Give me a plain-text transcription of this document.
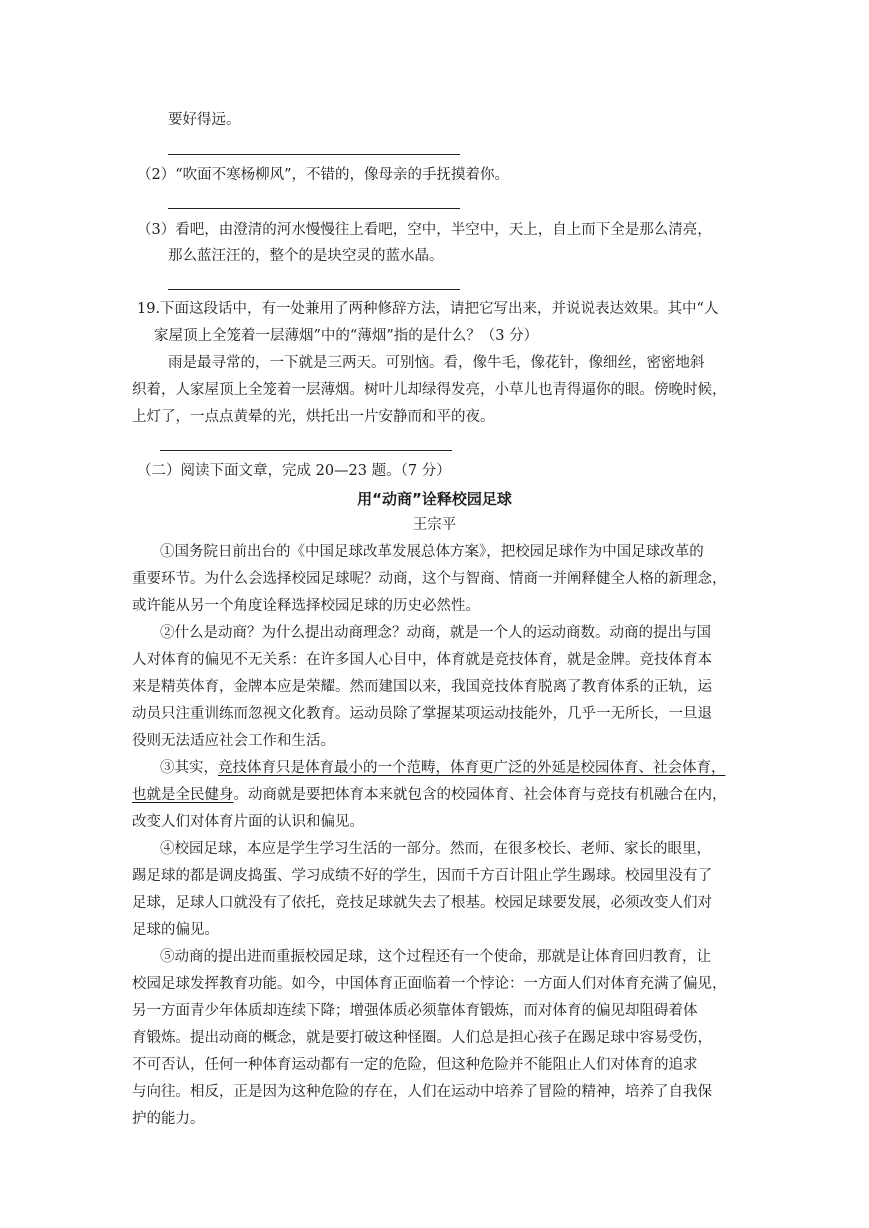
要好得远。
（2）“吹面不寒杨柳风”，不错的，像母亲的手抚摸着你。
（3）看吧，由澄清的河水慢慢往上看吧，空中，半空中，天上，自上而下全是那么清亮，
那么蓝汪汪的，整个的是块空灵的蓝水晶。
19.下面这段话中，有一处兼用了两种修辞方法，请把它写出来，并说说表达效果。其中“人
家屋顶上全笼着一层薄烟”中的“薄烟”指的是什么？（3 分）
雨是最寻常的，一下就是三两天。可别恼。看，像牛毛，像花针，像细丝，密密地斜
织着，人家屋顶上全笼着一层薄烟。树叶儿却绿得发亮，小草儿也青得逼你的眼。傍晚时候，
上灯了，一点点黄晕的光，烘托出一片安静而和平的夜。
（二）阅读下面文章，完成 20—23 题。（7 分）
用“动商”诠释校园足球
王宗平
①国务院日前出台的《中国足球改革发展总体方案》，把校园足球作为中国足球改革的
重要环节。为什么会选择校园足球呢？动商，这个与智商、情商一并阐释健全人格的新理念，
或许能从另一个角度诠释选择校园足球的历史必然性。
②什么是动商？为什么提出动商理念？动商，就是一个人的运动商数。动商的提出与国
人对体育的偏见不无关系：在许多国人心目中，体育就是竞技体育，就是金牌。竞技体育本
来是精英体育，金牌本应是荣耀。然而建国以来，我国竞技体育脱离了教育体系的正轨，运
动员只注重训练而忽视文化教育。运动员除了掌握某项运动技能外，几乎一无所长，一旦退
役则无法适应社会工作和生活。
③其实，竞技体育只是体育最小的一个范畴，体育更广泛的外延是校园体育、社会体育，
也就是全民健身。动商就是要把体育本来就包含的校园体育、社会体育与竞技有机融合在内，
改变人们对体育片面的认识和偏见。
④校园足球，本应是学生学习生活的一部分。然而，在很多校长、老师、家长的眼里，
踢足球的都是调皮捣蛋、学习成绩不好的学生，因而千方百计阻止学生踢球。校园里没有了
足球，足球人口就没有了依托，竞技足球就失去了根基。校园足球要发展，必须改变人们对
足球的偏见。
⑤动商的提出进而重振校园足球，这个过程还有一个使命，那就是让体育回归教育，让
校园足球发挥教育功能。如今，中国体育正面临着一个悖论：一方面人们对体育充满了偏见，
另一方面青少年体质却连续下降；增强体质必须靠体育锻炼，而对体育的偏见却阻碍着体
育锻炼。提出动商的概念，就是要打破这种怪圈。人们总是担心孩子在踢足球中容易受伤，
不可否认，任何一种体育运动都有一定的危险，但这种危险并不能阻止人们对体育的追求
与向往。相反，正是因为这种危险的存在，人们在运动中培养了冒险的精神，培养了自我保
护的能力。
